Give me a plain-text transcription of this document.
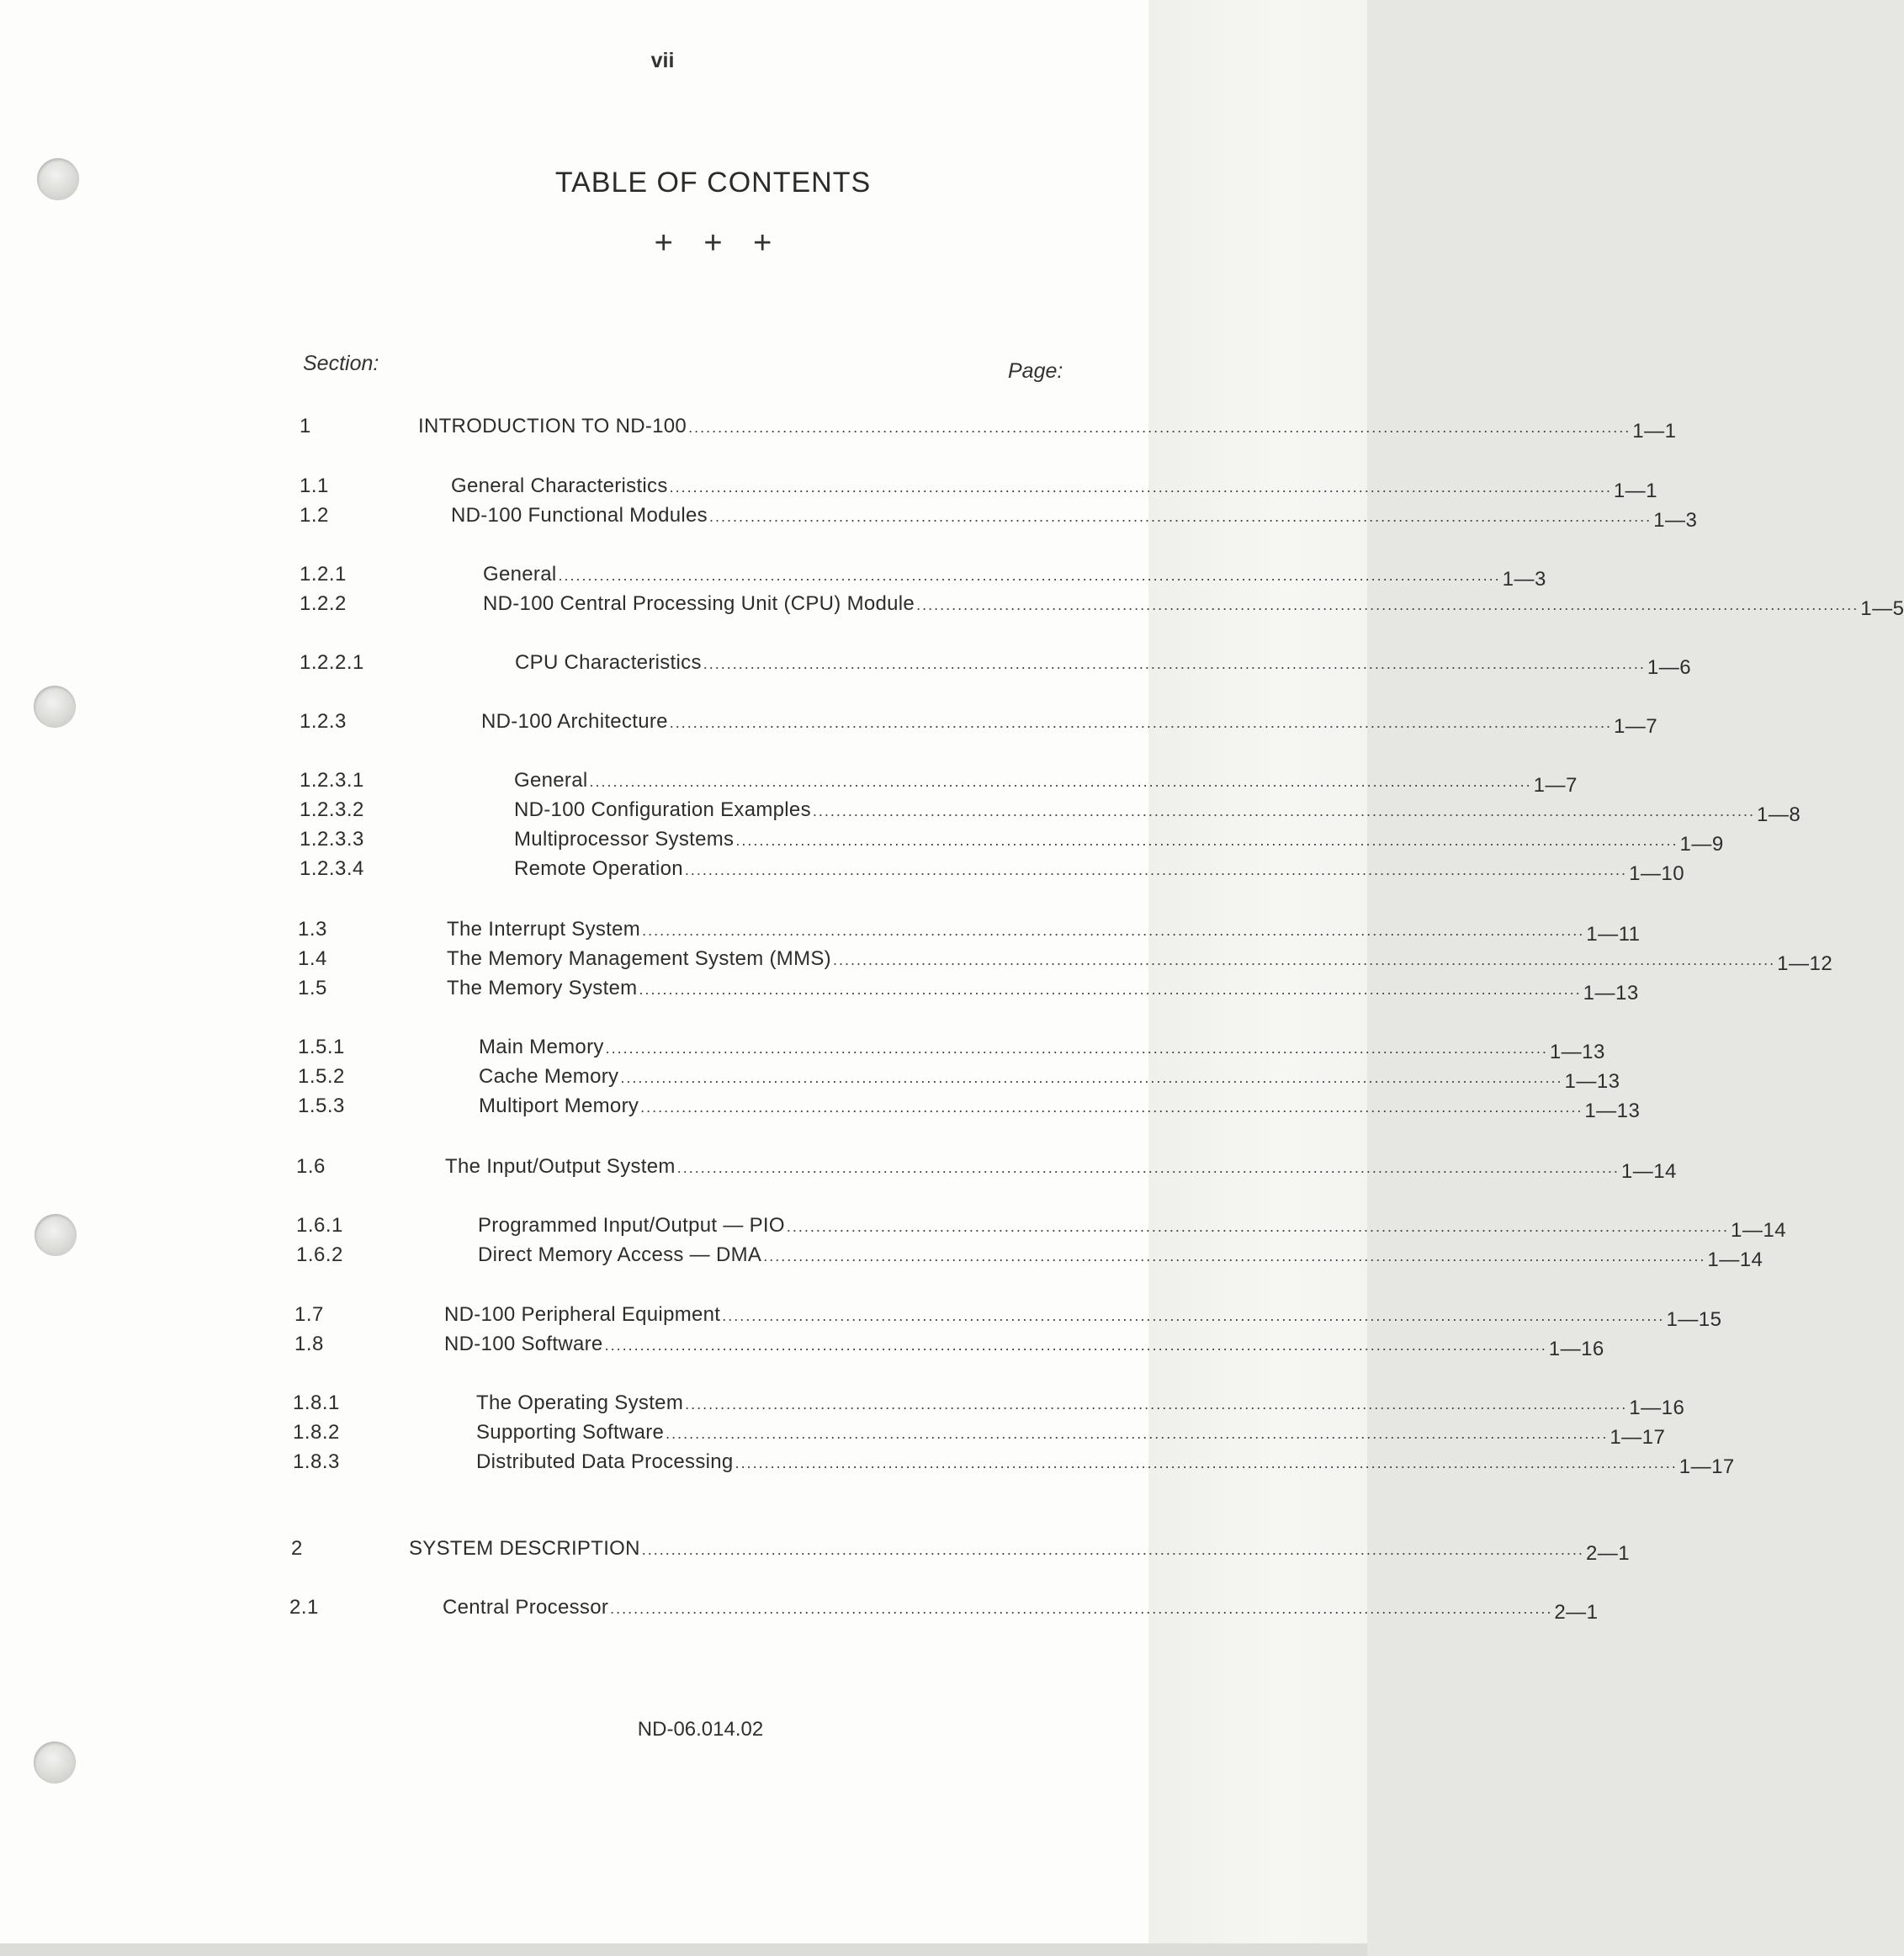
vii
TABLE OF CONTENTS
+ + +
Section:	Page:
1	INTRODUCTION TO ND-100 ................................................................................................................................................................ 1—1
1.1	General Characteristics ................................................................................................................................................................ 1—1
1.2	ND-100 Functional Modules ................................................................................................................................................................ 1—3
1.2.1	General ................................................................................................................................................................ 1—3
1.2.2	ND-100 Central Processing Unit (CPU) Module ................................................................................................................................................................ 1—5
1.2.2.1	CPU Characteristics ................................................................................................................................................................ 1—6
1.2.3	ND-100 Architecture ................................................................................................................................................................ 1—7
1.2.3.1	General ................................................................................................................................................................ 1—7
1.2.3.2	ND-100 Configuration Examples ................................................................................................................................................................ 1—8
1.2.3.3	Multiprocessor Systems ................................................................................................................................................................ 1—9
1.2.3.4	Remote Operation ................................................................................................................................................................ 1—10
1.3	The Interrupt System ................................................................................................................................................................ 1—11
1.4	The Memory Management System (MMS) ................................................................................................................................................................ 1—12
1.5	The Memory System ................................................................................................................................................................ 1—13
1.5.1	Main Memory ................................................................................................................................................................ 1—13
1.5.2	Cache Memory ................................................................................................................................................................ 1—13
1.5.3	Multiport Memory ................................................................................................................................................................ 1—13
1.6	The Input/Output System ................................................................................................................................................................ 1—14
1.6.1	Programmed Input/Output — PIO ................................................................................................................................................................ 1—14
1.6.2	Direct Memory Access — DMA ................................................................................................................................................................ 1—14
1.7	ND-100 Peripheral Equipment ................................................................................................................................................................ 1—15
1.8	ND-100 Software ................................................................................................................................................................ 1—16
1.8.1	The Operating System ................................................................................................................................................................ 1—16
1.8.2	Supporting Software ................................................................................................................................................................ 1—17
1.8.3	Distributed Data Processing ................................................................................................................................................................ 1—17
2	SYSTEM DESCRIPTION ................................................................................................................................................................ 2—1
2.1	Central Processor ................................................................................................................................................................ 2—1
ND-06.014.02
